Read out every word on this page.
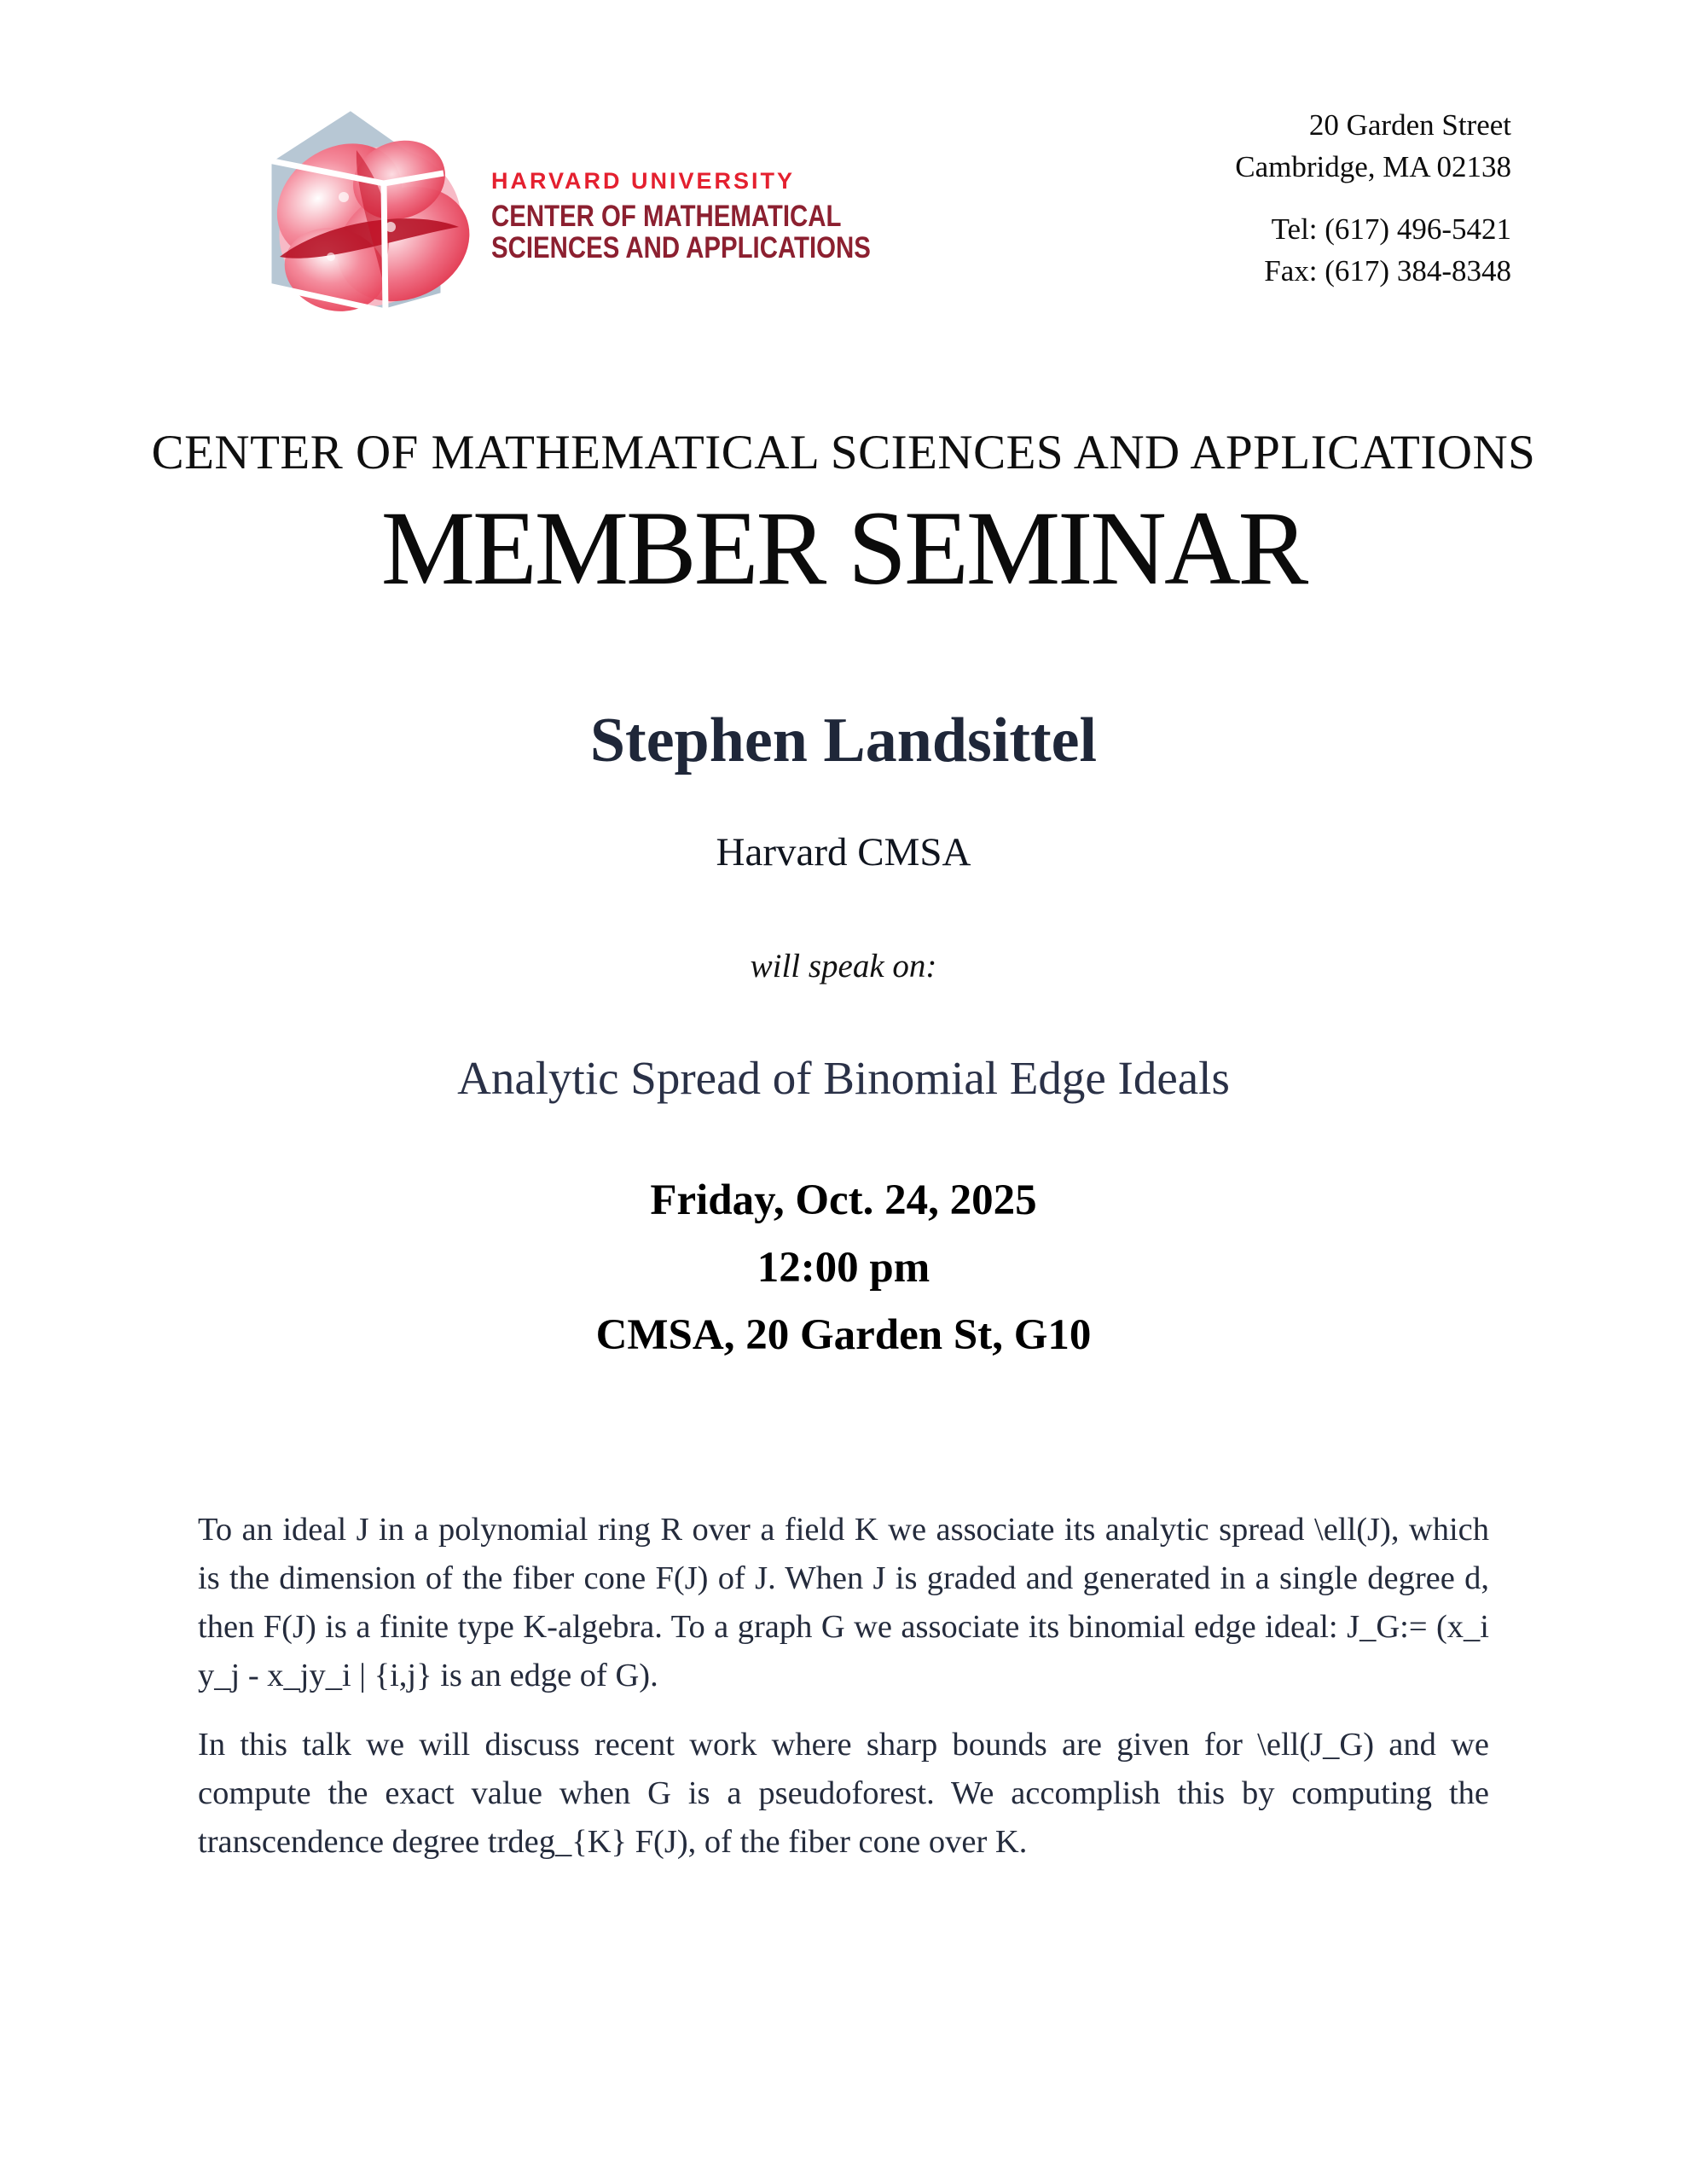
HARVARD UNIVERSITY
CENTER OF MATHEMATICAL
SCIENCES AND APPLICATIONS
20 Garden Street
Cambridge, MA 02138
Tel: (617) 496-5421
Fax: (617) 384-8348
CENTER OF MATHEMATICAL SCIENCES AND APPLICATIONS
MEMBER SEMINAR
Stephen Landsittel
Harvard CMSA
will speak on:
Analytic Spread of Binomial Edge Ideals
Friday, Oct. 24, 2025
12:00 pm
CMSA, 20 Garden St, G10

To an ideal J in a polynomial ring R over a field K we associate its analytic spread \ell(J), which is the dimension of the fiber cone F(J) of J. When J is graded and generated in a single degree d, then F(J) is a finite type K-algebra. To a graph G we associate its binomial edge ideal: J_G:= (x_i y_j - x_jy_i | {i,j} is an edge of G).

In this talk we will discuss recent work where sharp bounds are given for \ell(J_G) and we compute the exact value when G is a pseudoforest. We accomplish this by computing the transcendence degree trdeg_{K} F(J), of the fiber cone over K.
